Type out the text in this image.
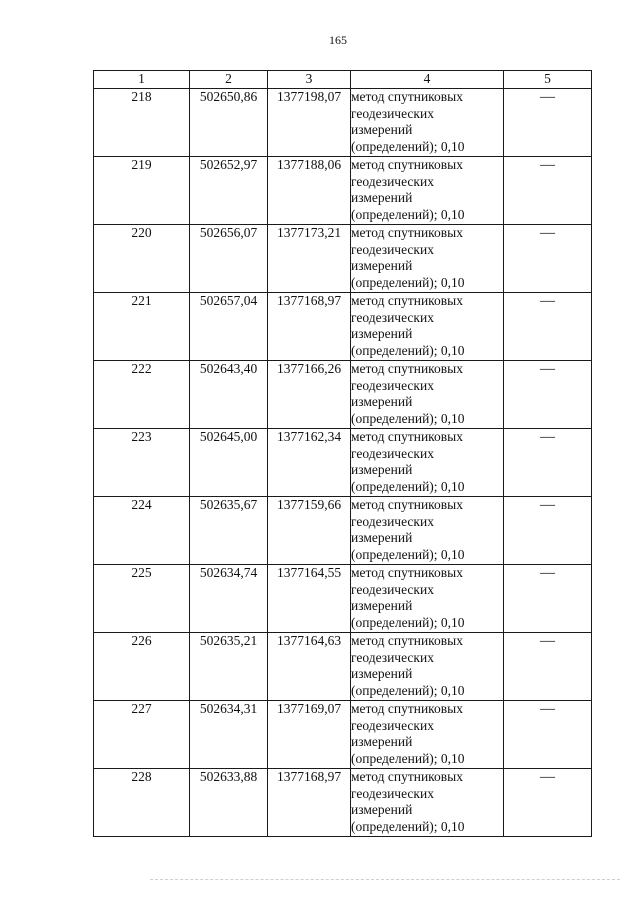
165
1	2	3	4	5
218	502650,86	1377198,07	метод спутниковых
геодезических
измерений
(определений); 0,10	—
219	502652,97	1377188,06	метод спутниковых
геодезических
измерений
(определений); 0,10	—
220	502656,07	1377173,21	метод спутниковых
геодезических
измерений
(определений); 0,10	—
221	502657,04	1377168,97	метод спутниковых
геодезических
измерений
(определений); 0,10	—
222	502643,40	1377166,26	метод спутниковых
геодезических
измерений
(определений); 0,10	—
223	502645,00	1377162,34	метод спутниковых
геодезических
измерений
(определений); 0,10	—
224	502635,67	1377159,66	метод спутниковых
геодезических
измерений
(определений); 0,10	—
225	502634,74	1377164,55	метод спутниковых
геодезических
измерений
(определений); 0,10	—
226	502635,21	1377164,63	метод спутниковых
геодезических
измерений
(определений); 0,10	—
227	502634,31	1377169,07	метод спутниковых
геодезических
измерений
(определений); 0,10	—
228	502633,88	1377168,97	метод спутниковых
геодезических
измерений
(определений); 0,10	—
